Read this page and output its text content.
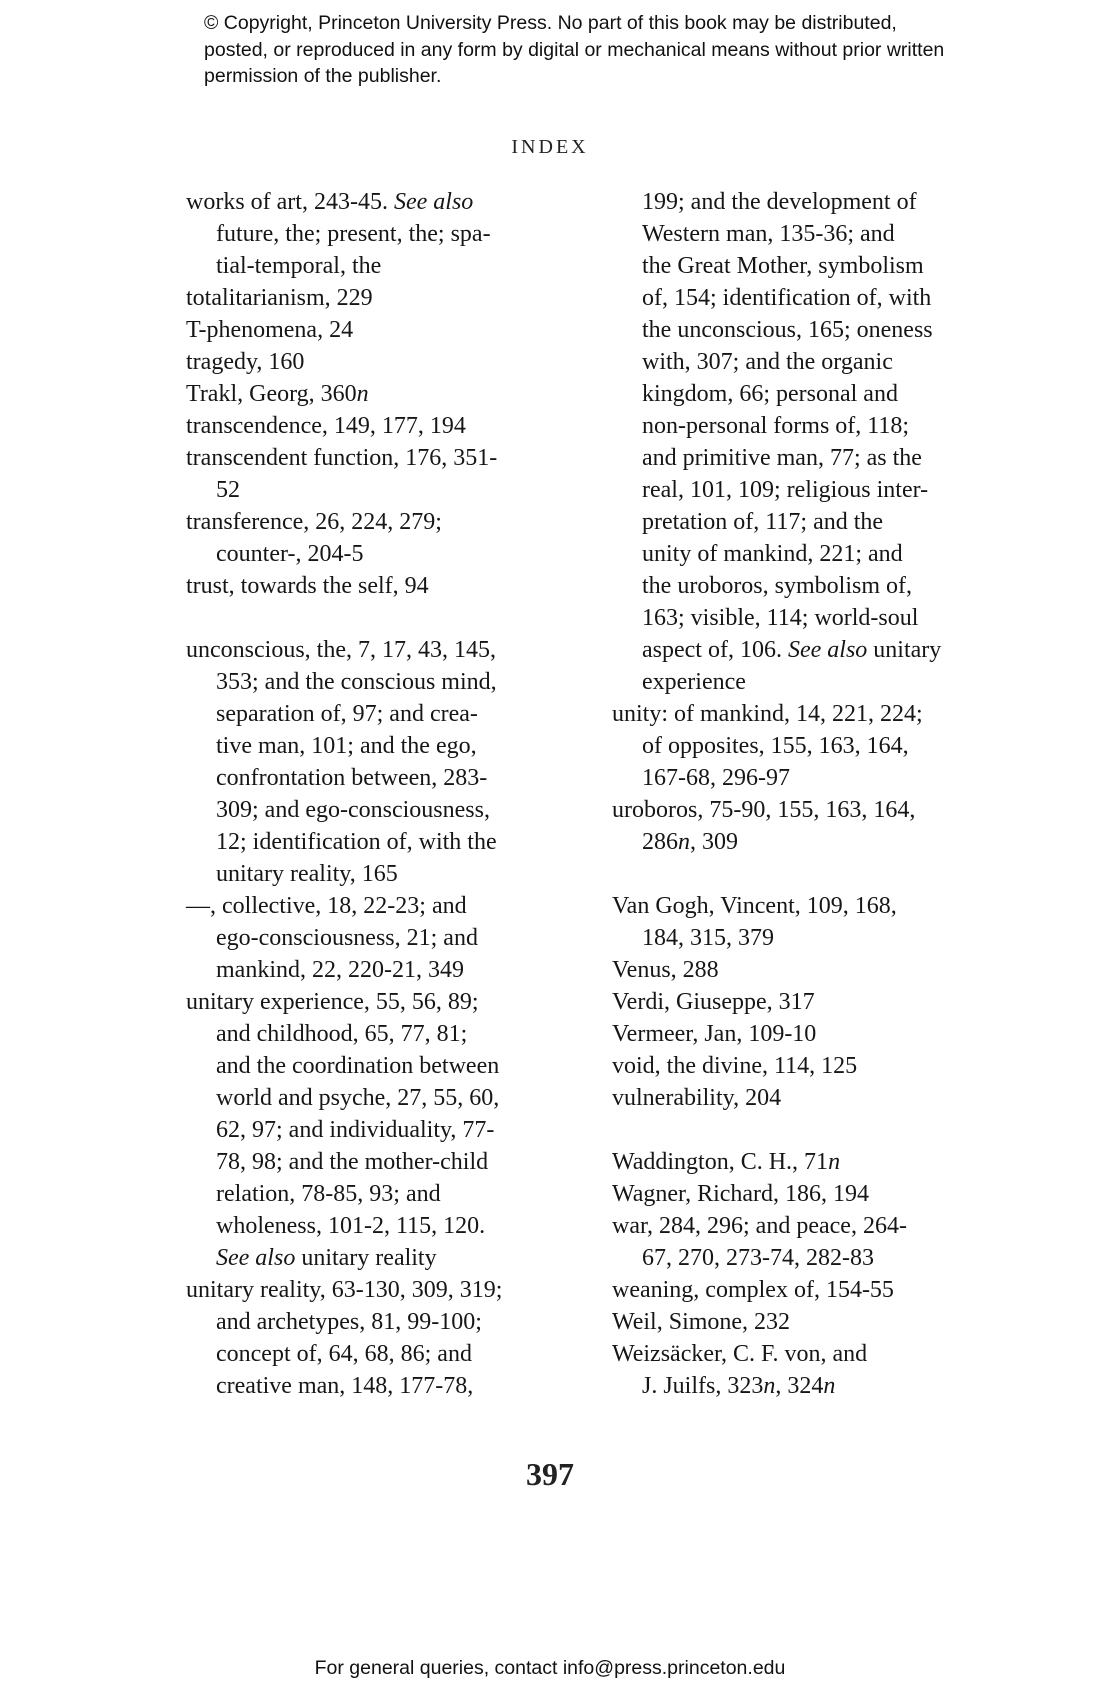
© Copyright, Princeton University Press. No part of this book may be distributed, posted, or reproduced in any form by digital or mechanical means without prior written permission of the publisher.
INDEX
works of art, 243-45. See also
future, the; present, the; spa-
tial-temporal, the
totalitarianism, 229
T-phenomena, 24
tragedy, 160
Trakl, Georg, 360n
transcendence, 149, 177, 194
transcendent function, 176, 351-
52
transference, 26, 224, 279;
counter-, 204-5
trust, towards the self, 94
unconscious, the, 7, 17, 43, 145,
353; and the conscious mind,
separation of, 97; and crea-
tive man, 101; and the ego,
confrontation between, 283-
309; and ego-consciousness,
12; identification of, with the
unitary reality, 165
—, collective, 18, 22-23; and
ego-consciousness, 21; and
mankind, 22, 220-21, 349
unitary experience, 55, 56, 89;
and childhood, 65, 77, 81;
and the coordination between
world and psyche, 27, 55, 60,
62, 97; and individuality, 77-
78, 98; and the mother-child
relation, 78-85, 93; and
wholeness, 101-2, 115, 120.
See also unitary reality
unitary reality, 63-130, 309, 319;
and archetypes, 81, 99-100;
concept of, 64, 68, 86; and
creative man, 148, 177-78,
199; and the development of
Western man, 135-36; and
the Great Mother, symbolism
of, 154; identification of, with
the unconscious, 165; oneness
with, 307; and the organic
kingdom, 66; personal and
non-personal forms of, 118;
and primitive man, 77; as the
real, 101, 109; religious inter-
pretation of, 117; and the
unity of mankind, 221; and
the uroboros, symbolism of,
163; visible, 114; world-soul
aspect of, 106. See also unitary
experience
unity: of mankind, 14, 221, 224;
of opposites, 155, 163, 164,
167-68, 296-97
uroboros, 75-90, 155, 163, 164,
286n, 309
Van Gogh, Vincent, 109, 168,
184, 315, 379
Venus, 288
Verdi, Giuseppe, 317
Vermeer, Jan, 109-10
void, the divine, 114, 125
vulnerability, 204
Waddington, C. H., 71n
Wagner, Richard, 186, 194
war, 284, 296; and peace, 264-
67, 270, 273-74, 282-83
weaning, complex of, 154-55
Weil, Simone, 232
Weizsäcker, C. F. von, and
J. Juilfs, 323n, 324n
397
For general queries, contact info@press.princeton.edu
